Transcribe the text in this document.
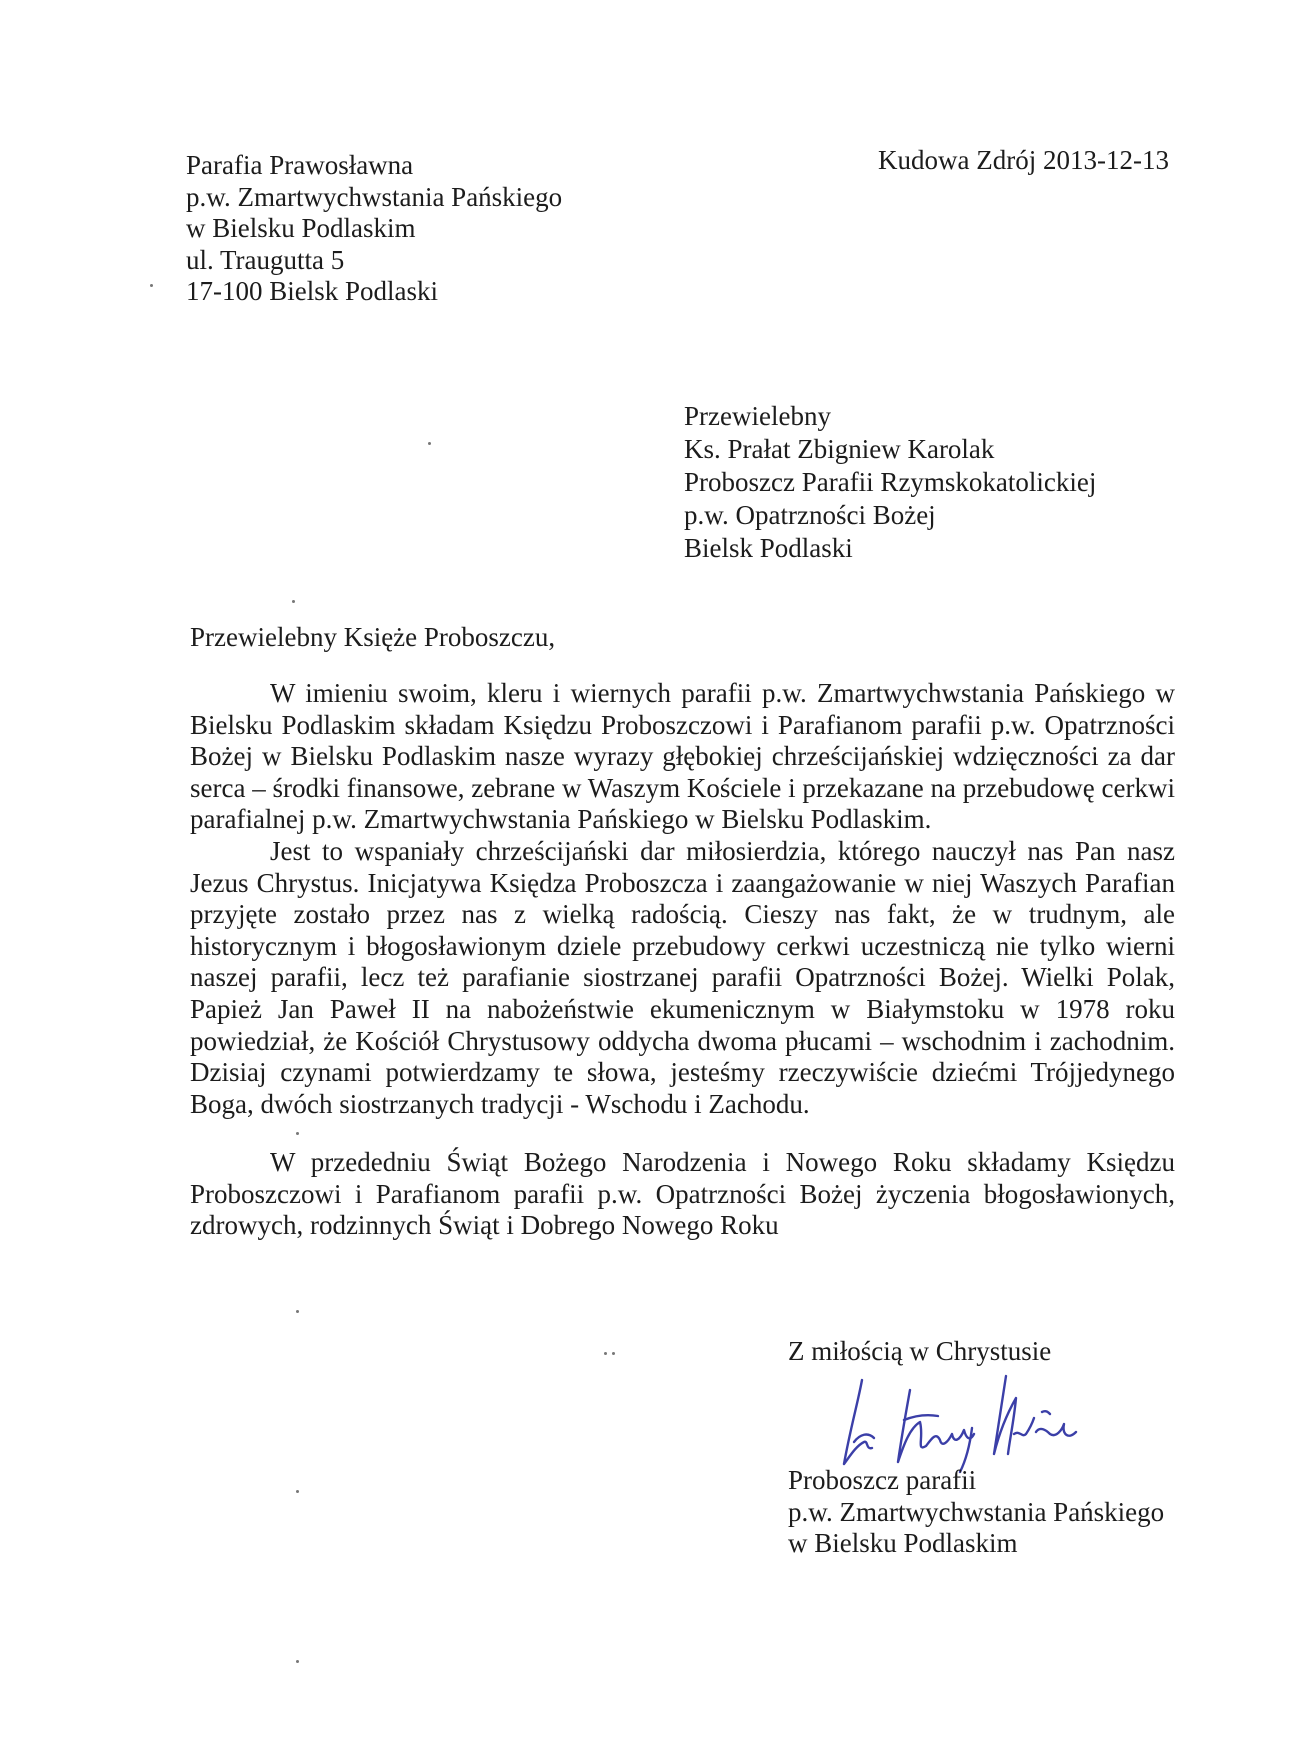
Parafia Prawosławna
p.w. Zmartwychwstania Pańskiego
w Bielsku Podlaskim
ul. Traugutta 5
17-100 Bielsk Podlaski
Kudowa Zdrój 2013-12-13
Przewielebny
Ks. Prałat Zbigniew Karolak
Proboszcz Parafii Rzymskokatolickiej
p.w. Opatrzności Bożej
Bielsk Podlaski
Przewielebny Księże Proboszczu,

W imieniu swoim, kleru i wiernych parafii p.w. Zmartwychwstania Pańskiego w Bielsku Podlaskim składam Księdzu Proboszczowi i Parafianom parafii p.w. Opatrzności Bożej w Bielsku Podlaskim nasze wyrazy głębokiej chrześcijańskiej wdzięczności za dar serca – środki finansowe, zebrane w Waszym Kościele i przekazane na przebudowę cerkwi parafialnej p.w. Zmartwychwstania Pańskiego w Bielsku Podlaskim.

Jest to wspaniały chrześcijański dar miłosierdzia, którego nauczył nas Pan nasz Jezus Chrystus. Inicjatywa Księdza Proboszcza i zaangażowanie w niej Waszych Parafian przyjęte zostało przez nas z wielką radością. Cieszy nas fakt, że w trudnym, ale historycznym i błogosławionym dziele przebudowy cerkwi uczestniczą nie tylko wierni naszej parafii, lecz też parafianie siostrzanej parafii Opatrzności Bożej. Wielki Polak, Papież Jan Paweł II na nabożeństwie ekumenicznym w Białymstoku w 1978 roku powiedział, że Kościół Chrystusowy oddycha dwoma płucami – wschodnim i zachodnim. Dzisiaj czynami potwierdzamy te słowa, jesteśmy rzeczywiście dziećmi Trójjedynego Boga, dwóch siostrzanych tradycji - Wschodu i Zachodu.

W przededniu Świąt Bożego Narodzenia i Nowego Roku składamy Księdzu Proboszczowi i Parafianom parafii p.w. Opatrzności Bożej życzenia błogosławionych, zdrowych, rodzinnych Świąt i Dobrego Nowego Roku

Z miłością w Chrystusie
Proboszcz parafii
p.w. Zmartwychwstania Pańskiego
w Bielsku Podlaskim
